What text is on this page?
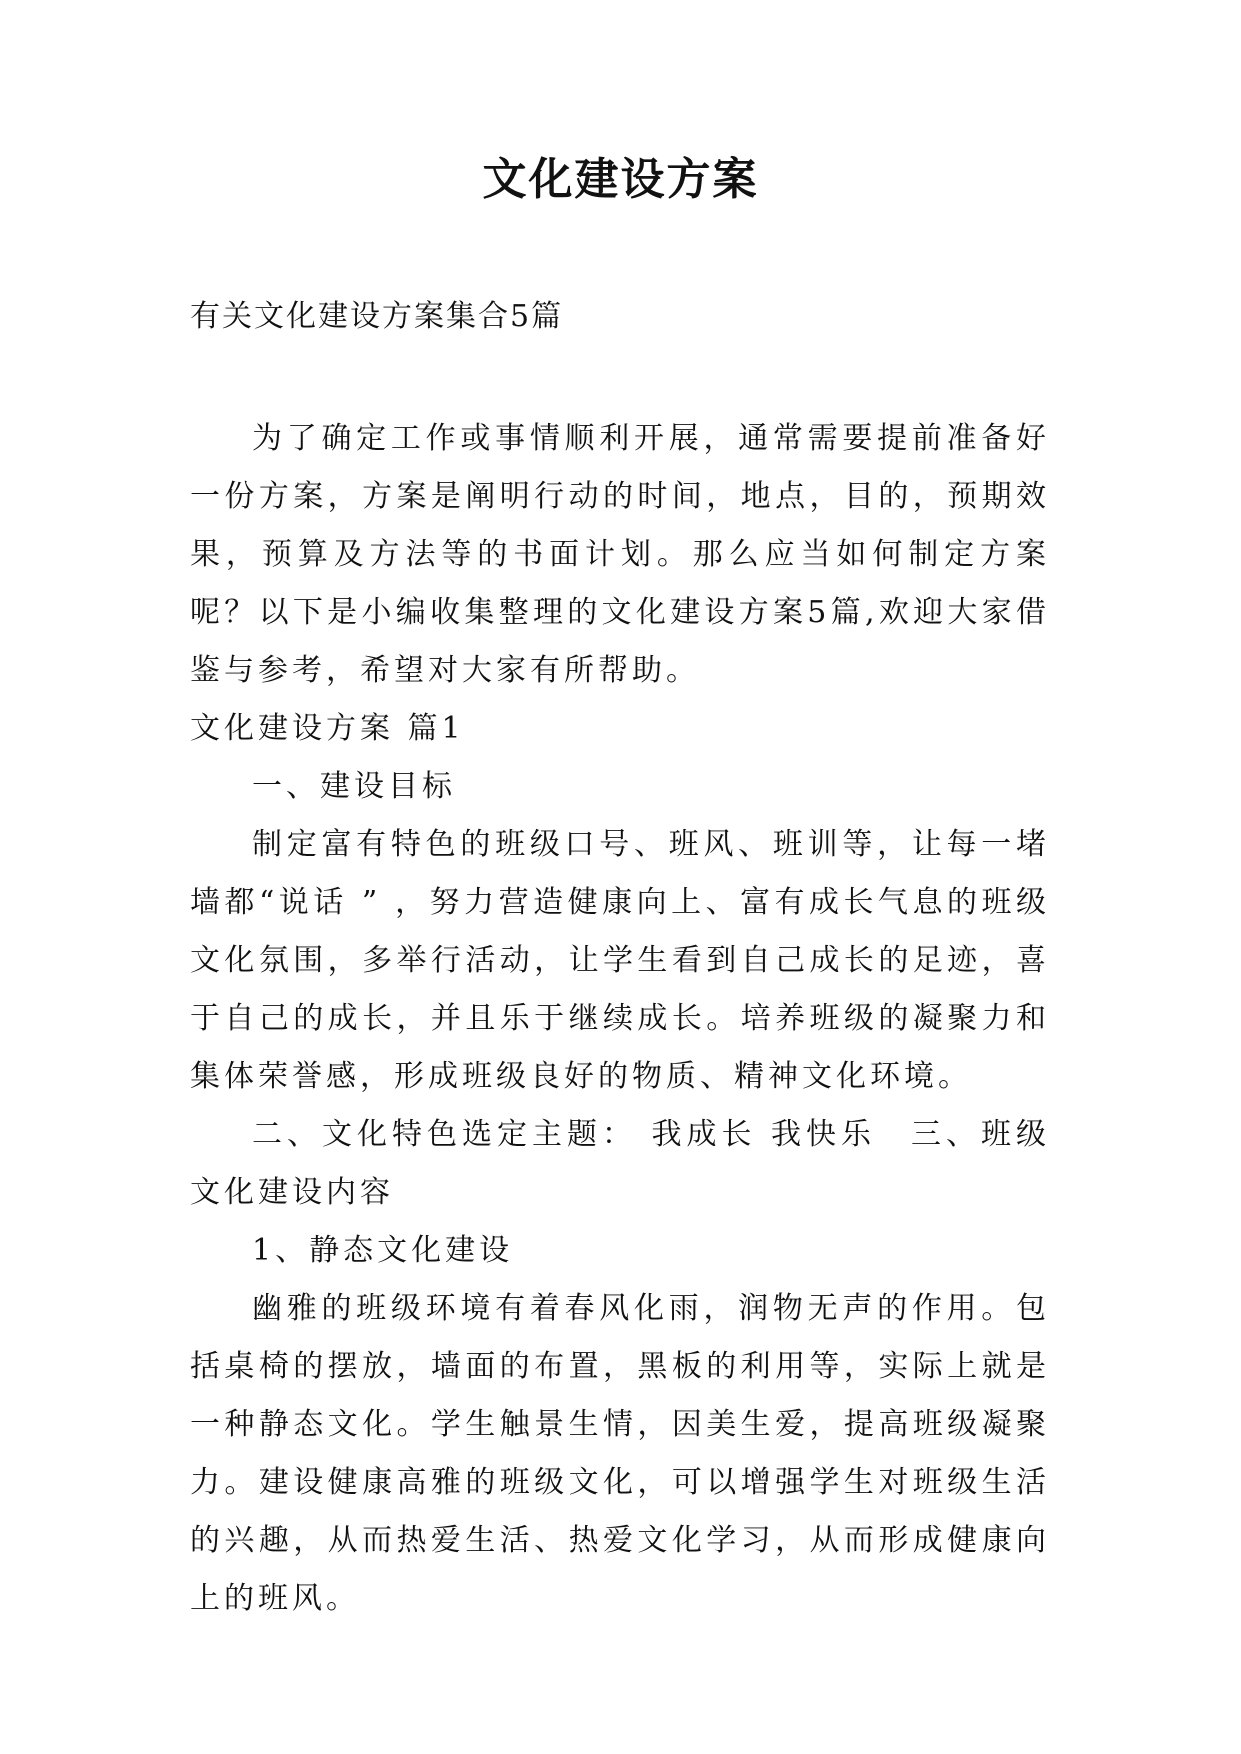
文化建设方案

有关文化建设方案集合5篇

为了确定工作或事情顺利开展，通常需要提前准备好一份方案，方案是阐明行动的时间，地点，目的，预期效果，预算及方法等的书面计划。那么应当如何制定方案呢？以下是小编收集整理的文化建设方案5篇,欢迎大家借鉴与参考，希望对大家有所帮助。

文化建设方案 篇1

一、建设目标

制定富有特色的班级口号、班风、班训等，让每一堵墙都“说话 ” ，努力营造健康向上、富有成长气息的班级文化氛围，多举行活动，让学生看到自己成长的足迹，喜于自己的成长，并且乐于继续成长。培养班级的凝聚力和集体荣誉感，形成班级良好的物质、精神文化环境。

二、文化特色选定主题： 我成长 我快乐　三、班级文化建设内容

1、静态文化建设

幽雅的班级环境有着春风化雨，润物无声的作用。包括桌椅的摆放，墙面的布置，黑板的利用等，实际上就是一种静态文化。学生触景生情，因美生爱，提高班级凝聚力。建设健康高雅的班级文化，可以增强学生对班级生活的兴趣，从而热爱生活、热爱文化学习，从而形成健康向上的班风。
